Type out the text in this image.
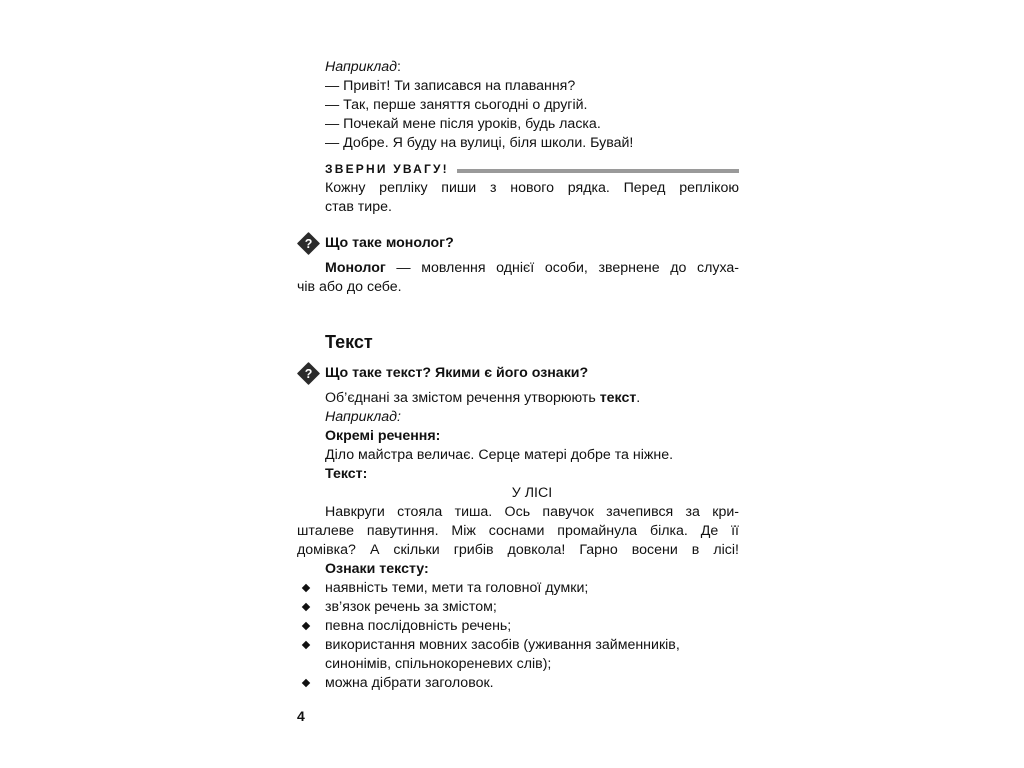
Наприклад:
— Привіт! Ти записався на плавання?
— Так, перше заняття сьогодні о другій.
— Почекай мене після уроків, будь ласка.
— Добре. Я буду на вулиці, біля школи. Бувай!
ЗВЕРНИ УВАГУ!
Кожну репліку пиши з нового рядка. Перед реплікою
став тире.
? Що таке монолог?
Монолог — мовлення однієї особи, звернене до слуха-
чів або до себе.
Текст
? Що таке текст? Якими є його ознаки?
Об’єднані за змістом речення утворюють текст.
Наприклад:
Окремі речення:
Діло майстра величає. Серце матері добре та ніжне.
Текст:
У ЛІСІ
Навкруги стояла тиша. Ось павучок зачепився за кри-
шталеве павутиння. Між соснами промайнула білка. Де її
домівка? А скільки грибів довкола! Гарно восени в лісі!
Ознаки тексту:
наявність теми, мети та головної думки;
зв’язок речень за змістом;
певна послідовність речень;
використання мовних засобів (уживання займенників,
синонімів, спільнокореневих слів);
можна дібрати заголовок.
4
